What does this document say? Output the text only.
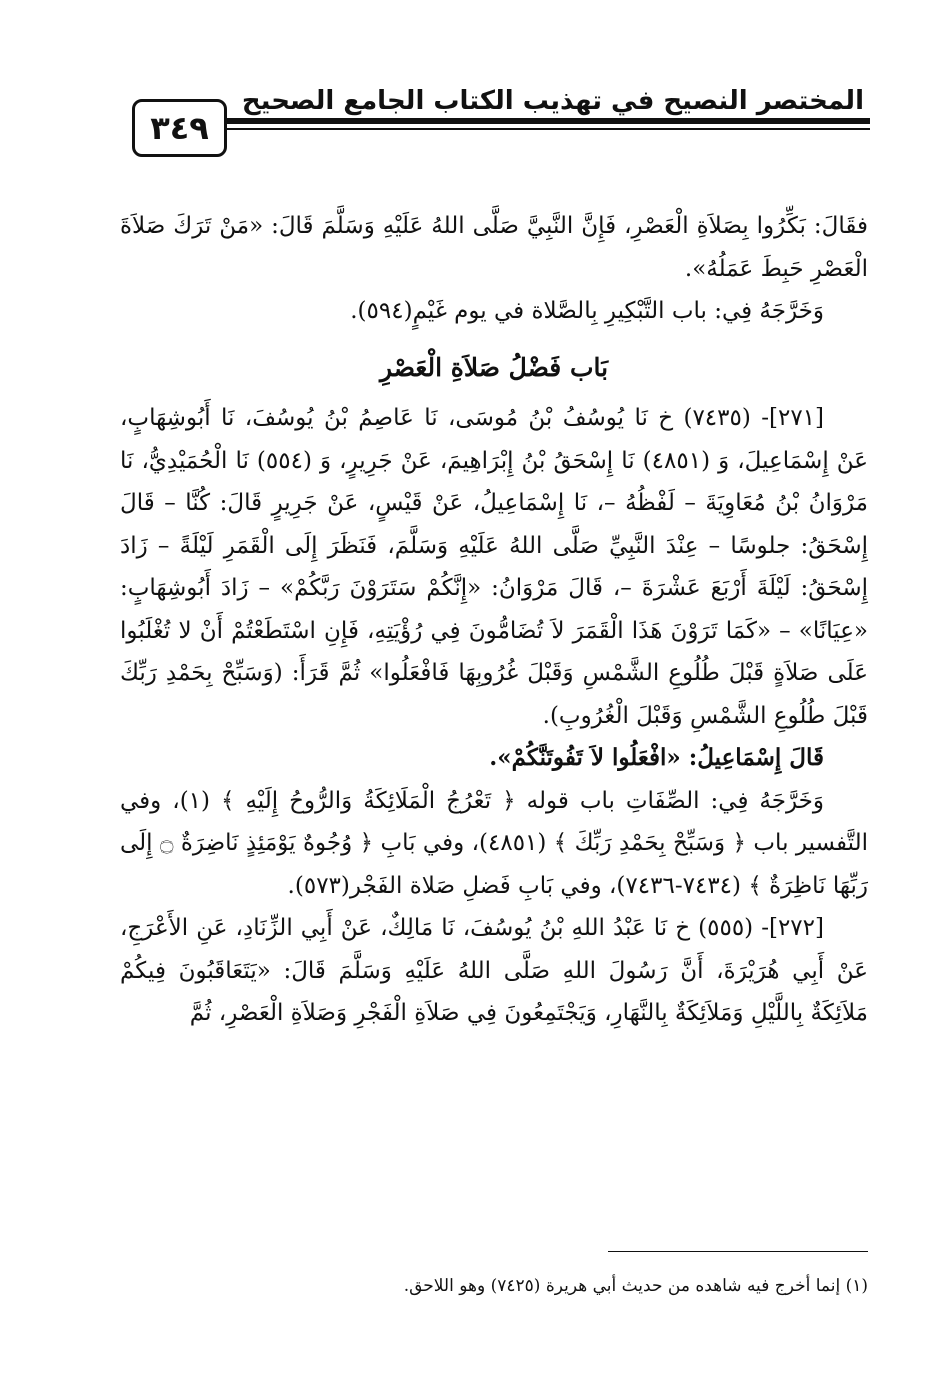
المختصر النصيح في تهذيب الكتاب الجامع الصحيح
٣٤٩

فقَالَ: بَكِّرُوا بِصَلاَةِ الْعَصْرِ، فَإِنَّ النَّبِيَّ صَلَّى اللهُ عَلَيْهِ وَسَلَّمَ قَالَ: «مَنْ تَرَكَ صَلاَةَ الْعَصْرِ حَبِطَ عَمَلُهُ».

وَخَرَّجَهُ فِي: باب التَّبْكِيرِ بِالصَّلاة في يوم غَيْمٍ(٥٩٤).

بَاب فَضْلُ صَلاَةِ الْعَصْرِ

[٢٧١]- (٧٤٣٥) خ نَا يُوسُفُ بْنُ مُوسَى، نَا عَاصِمُ بْنُ يُوسُفَ، نَا أَبُوشِهَابٍ، عَنْ إِسْمَاعِيلَ، وَ (٤٨٥١) نَا إِسْحَقُ بْنُ إِبْرَاهِيمَ، عَنْ جَرِيرٍ، وَ (٥٥٤) نَا الْحُمَيْدِيُّ، نَا مَرْوَانُ بْنُ مُعَاوِيَةَ – لَفْظُهُ –، نَا إِسْمَاعِيلُ، عَنْ قَيْسٍ، عَنْ جَرِيرٍ قَالَ: كُنَّا – قَالَ إِسْحَقُ: جلوسًا – عِنْدَ النَّبِيِّ صَلَّى اللهُ عَلَيْهِ وَسَلَّمَ، فَنَظَرَ إِلَى الْقَمَرِ لَيْلَةً – زَادَ إِسْحَقُ: لَيْلَةَ أَرْبَعَ عَشْرَةَ –، قَالَ مَرْوَانُ: «إِنَّكُمْ سَتَرَوْنَ رَبَّكُمْ» – زَادَ أَبُوشِهَابٍ: «عِيَانًا» – «كَمَا تَرَوْنَ هَذَا الْقَمَرَ لاَ تُضَامُّونَ فِي رُؤْيَتِهِ، فَإِنِ اسْتَطَعْتُمْ أَنْ لا تُغْلَبُوا عَلَى صَلاَةٍ قَبْلَ طُلُوعِ الشَّمْسِ وَقَبْلَ غُرُوبِهَا فَافْعَلُوا» ثُمَّ قَرَأَ: (وَسَبِّحْ بِحَمْدِ رَبِّكَ قَبْلَ طُلُوعِ الشَّمْسِ وَقَبْلَ الْغُرُوبِ).

قَالَ إِسْمَاعِيلُ: «افْعَلُوا لاَ تَفُوتَنَّكُمْ».

وَخَرَّجَهُ فِي: الصِّفَاتِ باب قوله ﴿ تَعْرُجُ الْمَلَائِكَةُ وَالرُّوحُ إِلَيْهِ ﴾ (١)، وفي التَّفسير باب ﴿ وَسَبِّحْ بِحَمْدِ رَبِّكَ ﴾ (٤٨٥١)، وفي بَابِ ﴿ وُجُوهٌ يَوْمَئِذٍ نَاضِرَةٌ ۝ إِلَى رَبِّهَا نَاظِرَةٌ ﴾ (٧٤٣٤-٧٤٣٦)، وفي بَابِ فَضلِ صَلاة الفَجْر(٥٧٣).

[٢٧٢]- (٥٥٥) خ نَا عَبْدُ اللهِ بْنُ يُوسُفَ، نَا مَالِكٌ، عَنْ أَبِي الزِّنَادِ، عَنِ الأَعْرَجِ، عَنْ أَبِي هُرَيْرَةَ، أَنَّ رَسُولَ اللهِ صَلَّى اللهُ عَلَيْهِ وَسَلَّمَ قَالَ: «يَتَعَاقَبُونَ فِيكُمْ مَلاَئِكَةٌ بِاللَّيْلِ وَمَلاَئِكَةٌ بِالنَّهَارِ، وَيَجْتَمِعُونَ فِي صَلاَةِ الْفَجْرِ وَصَلاَةِ الْعَصْرِ، ثُمَّ

(١) إنما أخرج فيه شاهده من حديث أبي هريرة (٧٤٢٥) وهو اللاحق.
